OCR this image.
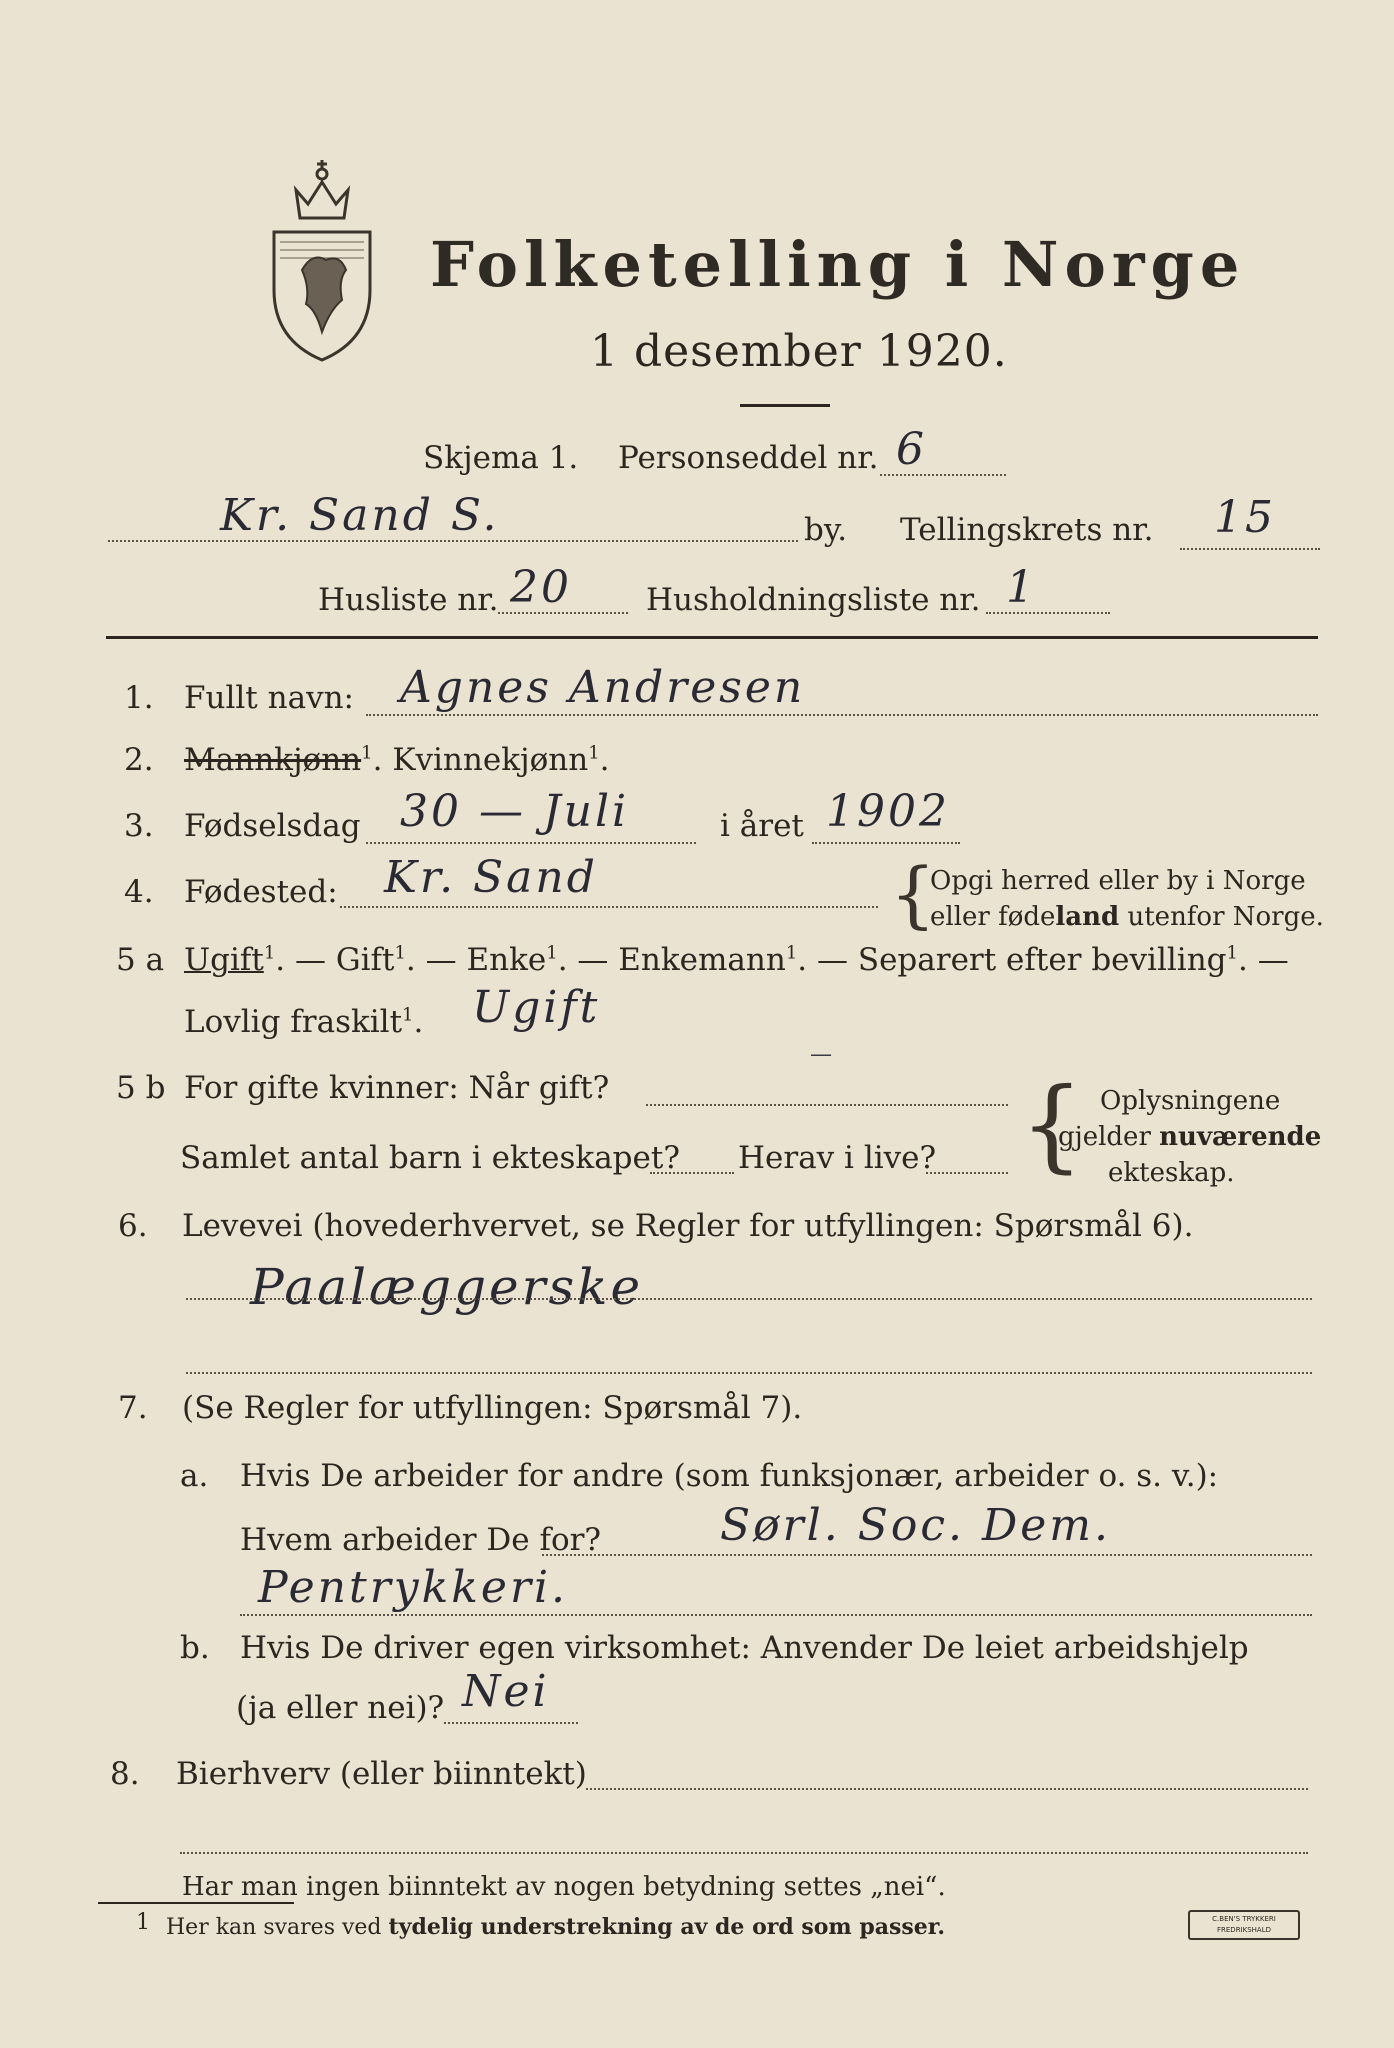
Folketelling i Norge
1 desember 1920.
Skjema 1. Personseddel nr. 6
Kr. Sand S.	by. Tellingskrets nr. 15
Husliste nr. 20 Husholdningsliste nr. 1
1. Fullt navn: Agnes Andresen
2. Mannkjønn$^1$. Kvinnekjønn$^1$.
3. Fødselsdag 30 — Juli	i året 1902
4. Fødested: Kr. Sand	{
Opgi herred eller by i Norge
eller fødeland utenfor Norge.
5 a Ugift$^1$. — Gift$^1$. — Enke$^1$. — Enkemann$^1$. — Separert efter bevilling$^1$. —
Lovlig fraskilt$^1$. Ugift
5 b For gifte kvinner: Når gift?
—
Samlet antal barn i ekteskapet? Herav i live? { Oplysningene
gjelder nuværende
ekteskap.
6. Levevei (hovederhvervet, se Regler for utfyllingen: Spørsmål 6).
Paalæggerske
7. (Se Regler for utfyllingen: Spørsmål 7).
a. Hvis De arbeider for andre (som funksjonær, arbeider o. s. v.):
Hvem arbeider De for?	Sørl. Soc. Dem.
Pentrykkeri.
b. Hvis De driver egen virksomhet: Anvender De leiet arbeidshjelp
(ja eller nei)? Nei
8. Bierhverv (eller biinntekt)
Har man ingen biinntekt av nogen betydning settes „nei“.
1 Her kan svares ved tydelig understrekning av de ord som passer.	C.BEN'S TRYKKERI
FREDRIKSHALD
